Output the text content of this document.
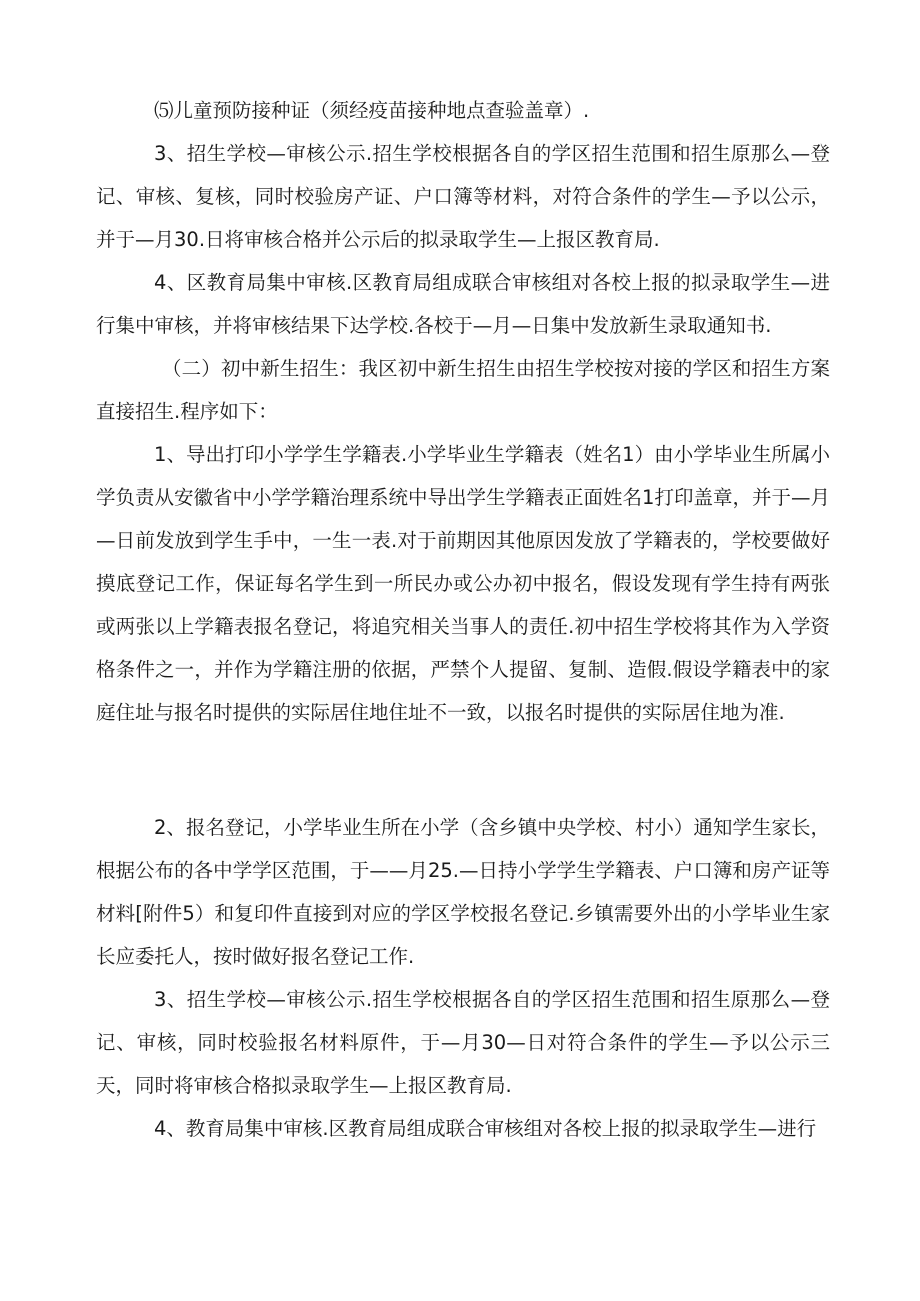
⑸儿童预防接种证（须经疫苗接种地点查验盖章）.

3、招生学校—审核公示.招生学校根据各自的学区招生范围和招生原那么—登记、审核、复核，同时校验房产证、户口簿等材料，对符合条件的学生—予以公示，并于—月30.日将审核合格并公示后的拟录取学生—上报区教育局.

4、区教育局集中审核.区教育局组成联合审核组对各校上报的拟录取学生—进行集中审核，并将审核结果下达学校.各校于—月—日集中发放新生录取通知书.

（二）初中新生招生：我区初中新生招生由招生学校按对接的学区和招生方案直接招生.程序如下：

1、导出打印小学学生学籍表.小学毕业生学籍表（姓名1）由小学毕业生所属小学负责从安徽省中小学学籍治理系统中导出学生学籍表正面姓名1打印盖章，并于—月—日前发放到学生手中，一生一表.对于前期因其他原因发放了学籍表的，学校要做好摸底登记工作，保证每名学生到一所民办或公办初中报名，假设发现有学生持有两张或两张以上学籍表报名登记，将追究相关当事人的责任.初中招生学校将其作为入学资格条件之一，并作为学籍注册的依据，严禁个人提留、复制、造假.假设学籍表中的家庭住址与报名时提供的实际居住地住址不一致，以报名时提供的实际居住地为准.

2、报名登记，小学毕业生所在小学（含乡镇中央学校、村小）通知学生家长，根据公布的各中学学区范围，于——月25.—日持小学学生学籍表、户口簿和房产证等材料[附件5）和复印件直接到对应的学区学校报名登记.乡镇需要外出的小学毕业生家长应委托人，按时做好报名登记工作.

3、招生学校—审核公示.招生学校根据各自的学区招生范围和招生原那么—登记、审核，同时校验报名材料原件，于—月30—日对符合条件的学生—予以公示三天，同时将审核合格拟录取学生—上报区教育局.

4、教育局集中审核.区教育局组成联合审核组对各校上报的拟录取学生—进行
